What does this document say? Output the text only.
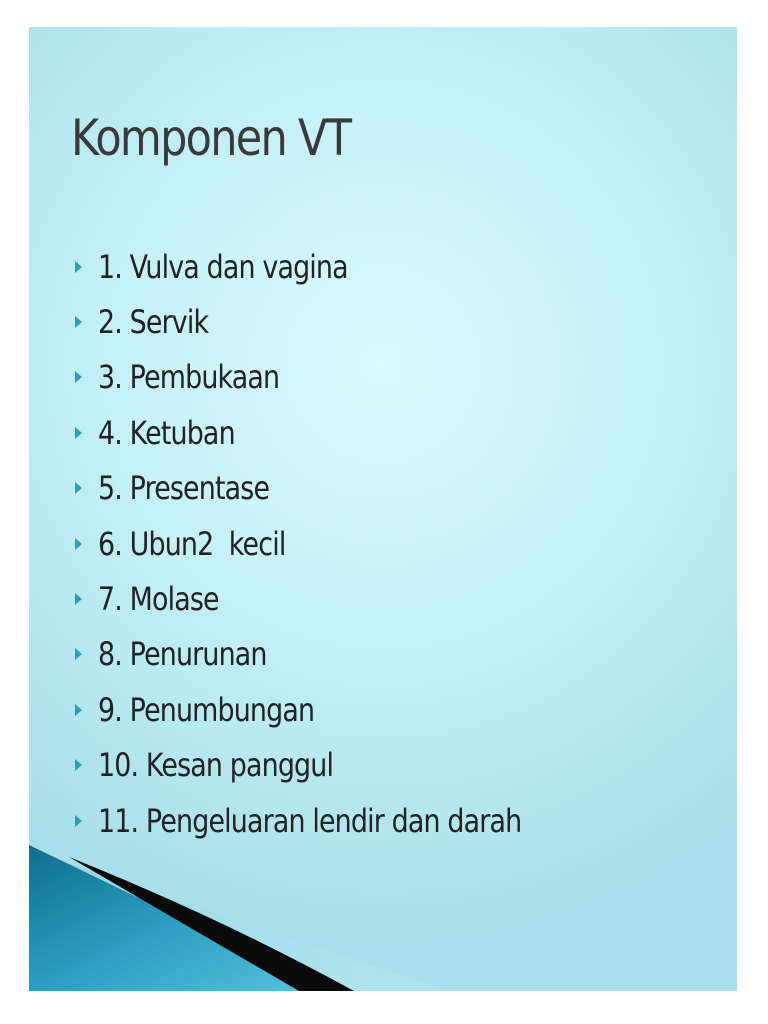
Komponen VT
1. Vulva dan vagina
2. Servik
3. Pembukaan
4. Ketuban
5. Presentase
6. Ubun2  kecil
7. Molase
8. Penurunan
9. Penumbungan
10. Kesan panggul
11. Pengeluaran lendir dan darah
